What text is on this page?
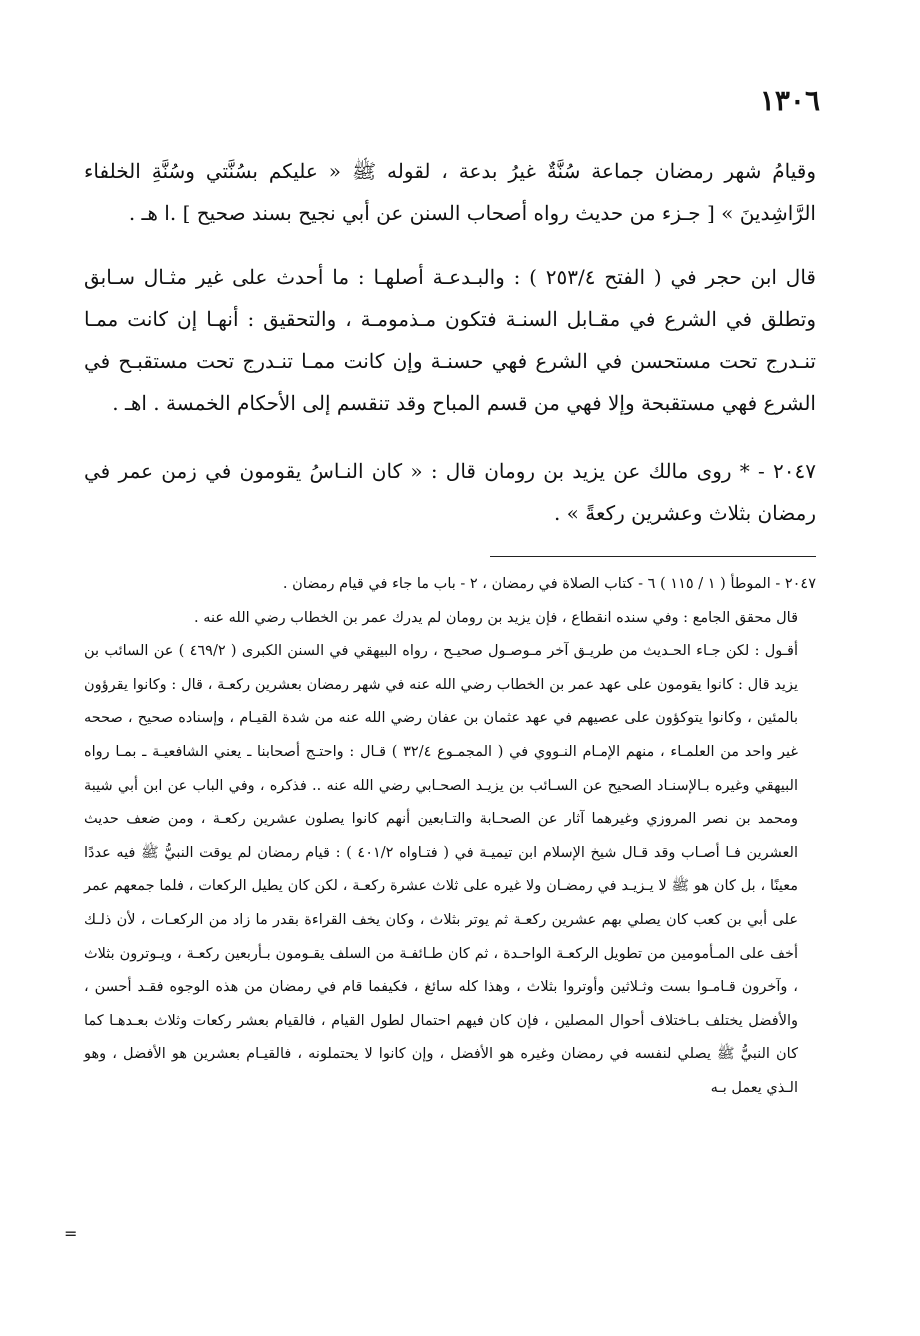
١٣٠٦

وقيامُ شهر رمضان جماعة سُنَّةٌ غيرُ بدعة ، لقوله ﷺ « عليكم بسُنَّتي وسُنَّةِ الخلفاء الرَّاشِدينَ » [ جـزء من حديث رواه أصحاب السنن عن أبي نجيح بسند صحيح ] .ا هـ .

قال ابن حجر في ( الفتح ٢٥٣/٤ ) : والبـدعـة أصلهـا : ما أحدث على غير مثـال سـابق وتطلق في الشرع في مقـابل السنـة فتكون مـذمومـة ، والتحقيق : أنهـا إن كانت ممـا تنـدرج تحت مستحسن في الشرع فهي حسنـة وإن كانت ممـا تنـدرج تحت مستقبـح في الشرع فهي مستقبحة وإلا فهي من قسم المباح وقد تنقسم إلى الأحكام الخمسة . اهـ .

٢٠٤٧ - * روى مالك عن يزيد بن رومان قال : « كان النـاسُ يقومون في زمن عمر في رمضان بثلاث وعشرين ركعةً » .

٢٠٤٧ - الموطأ ( ١ / ١١٥ ) ٦ - كتاب الصلاة في رمضان ، ٢ - باب ما جاء في قيام رمضان .

قال محقق الجامع : وفي سنده انقطاع ، فإن يزيد بن رومان لم يدرك عمر بن الخطاب رضي الله عنه .

أقـول : لكن جـاء الحـديث من طريـق آخر مـوصـول صحيـح ، رواه البيهقي في السنن الكبرى ( ٤٦٩/٢ ) عن السائب بن يزيد قال : كانوا يقومون على عهد عمر بن الخطاب رضي الله عنه في شهر رمضان بعشرين ركعـة ، قال : وكانوا يقرؤون بالمئين ، وكانوا يتوكؤون على عصيهم في عهد عثمان بن عفان رضي الله عنه من شدة القيـام ، وإسناده صحيح ، صححه غير واحد من العلمـاء ، منهم الإمـام النـووي في ( المجمـوع ٣٢/٤ ) قـال : واحتـج أصحابنا ـ يعني الشافعيـة ـ بمـا رواه البيهقي وغيره بـالإسنـاد الصحيح عن السـائب بن يزيـد الصحـابي رضي الله عنه .. فذكره ، وفي الباب عن ابن أبي شيبة ومحمد بن نصر المروزي وغيرهما آثار عن الصحـابة والتـابعين أنهم كانوا يصلون عشرين ركعـة ، ومن ضعف حديث العشرين فـا أصـاب وقد قـال شيخ الإسلام ابن تيميـة في ( فتـاواه ٤٠١/٢ ) : قيام رمضان لم يوقت النبيُّ ﷺ فيه عددًا معينًا ، بل كان هو ﷺ لا يـزيـد في رمضـان ولا غيره على ثلاث عشرة ركعـة ، لكن كان يطيل الركعات ، فلما جمعهم عمر على أبي بن كعب كان يصلي بهم عشرين ركعـة ثم يوتر بثلاث ، وكان يخف القراءة بقدر ما زاد من الركعـات ، لأن ذلـك أخف على المـأمومين من تطويل الركعـة الواحـدة ، ثم كان طـائفـة من السلف يقـومون بـأربعين ركعـة ، ويـوترون بثلاث ، وآخرون قـامـوا بست وثـلاثين وأوتروا بثلاث ، وهذا كله سائغ ، فكيفما قام في رمضان من هذه الوجوه فقـد أحسن ، والأفضل يختلف بـاختلاف أحوال المصلين ، فإن كان فيهم احتمال لطول القيام ، فالقيام بعشر ركعات وثلاث بعـدهـا كما كان النبيُّ ﷺ يصلي لنفسه في رمضان وغيره هو الأفضل ، وإن كانوا لا يحتملونه ، فالقيـام بعشرين هو الأفضل ، وهو الـذي يعمل بـه

=
